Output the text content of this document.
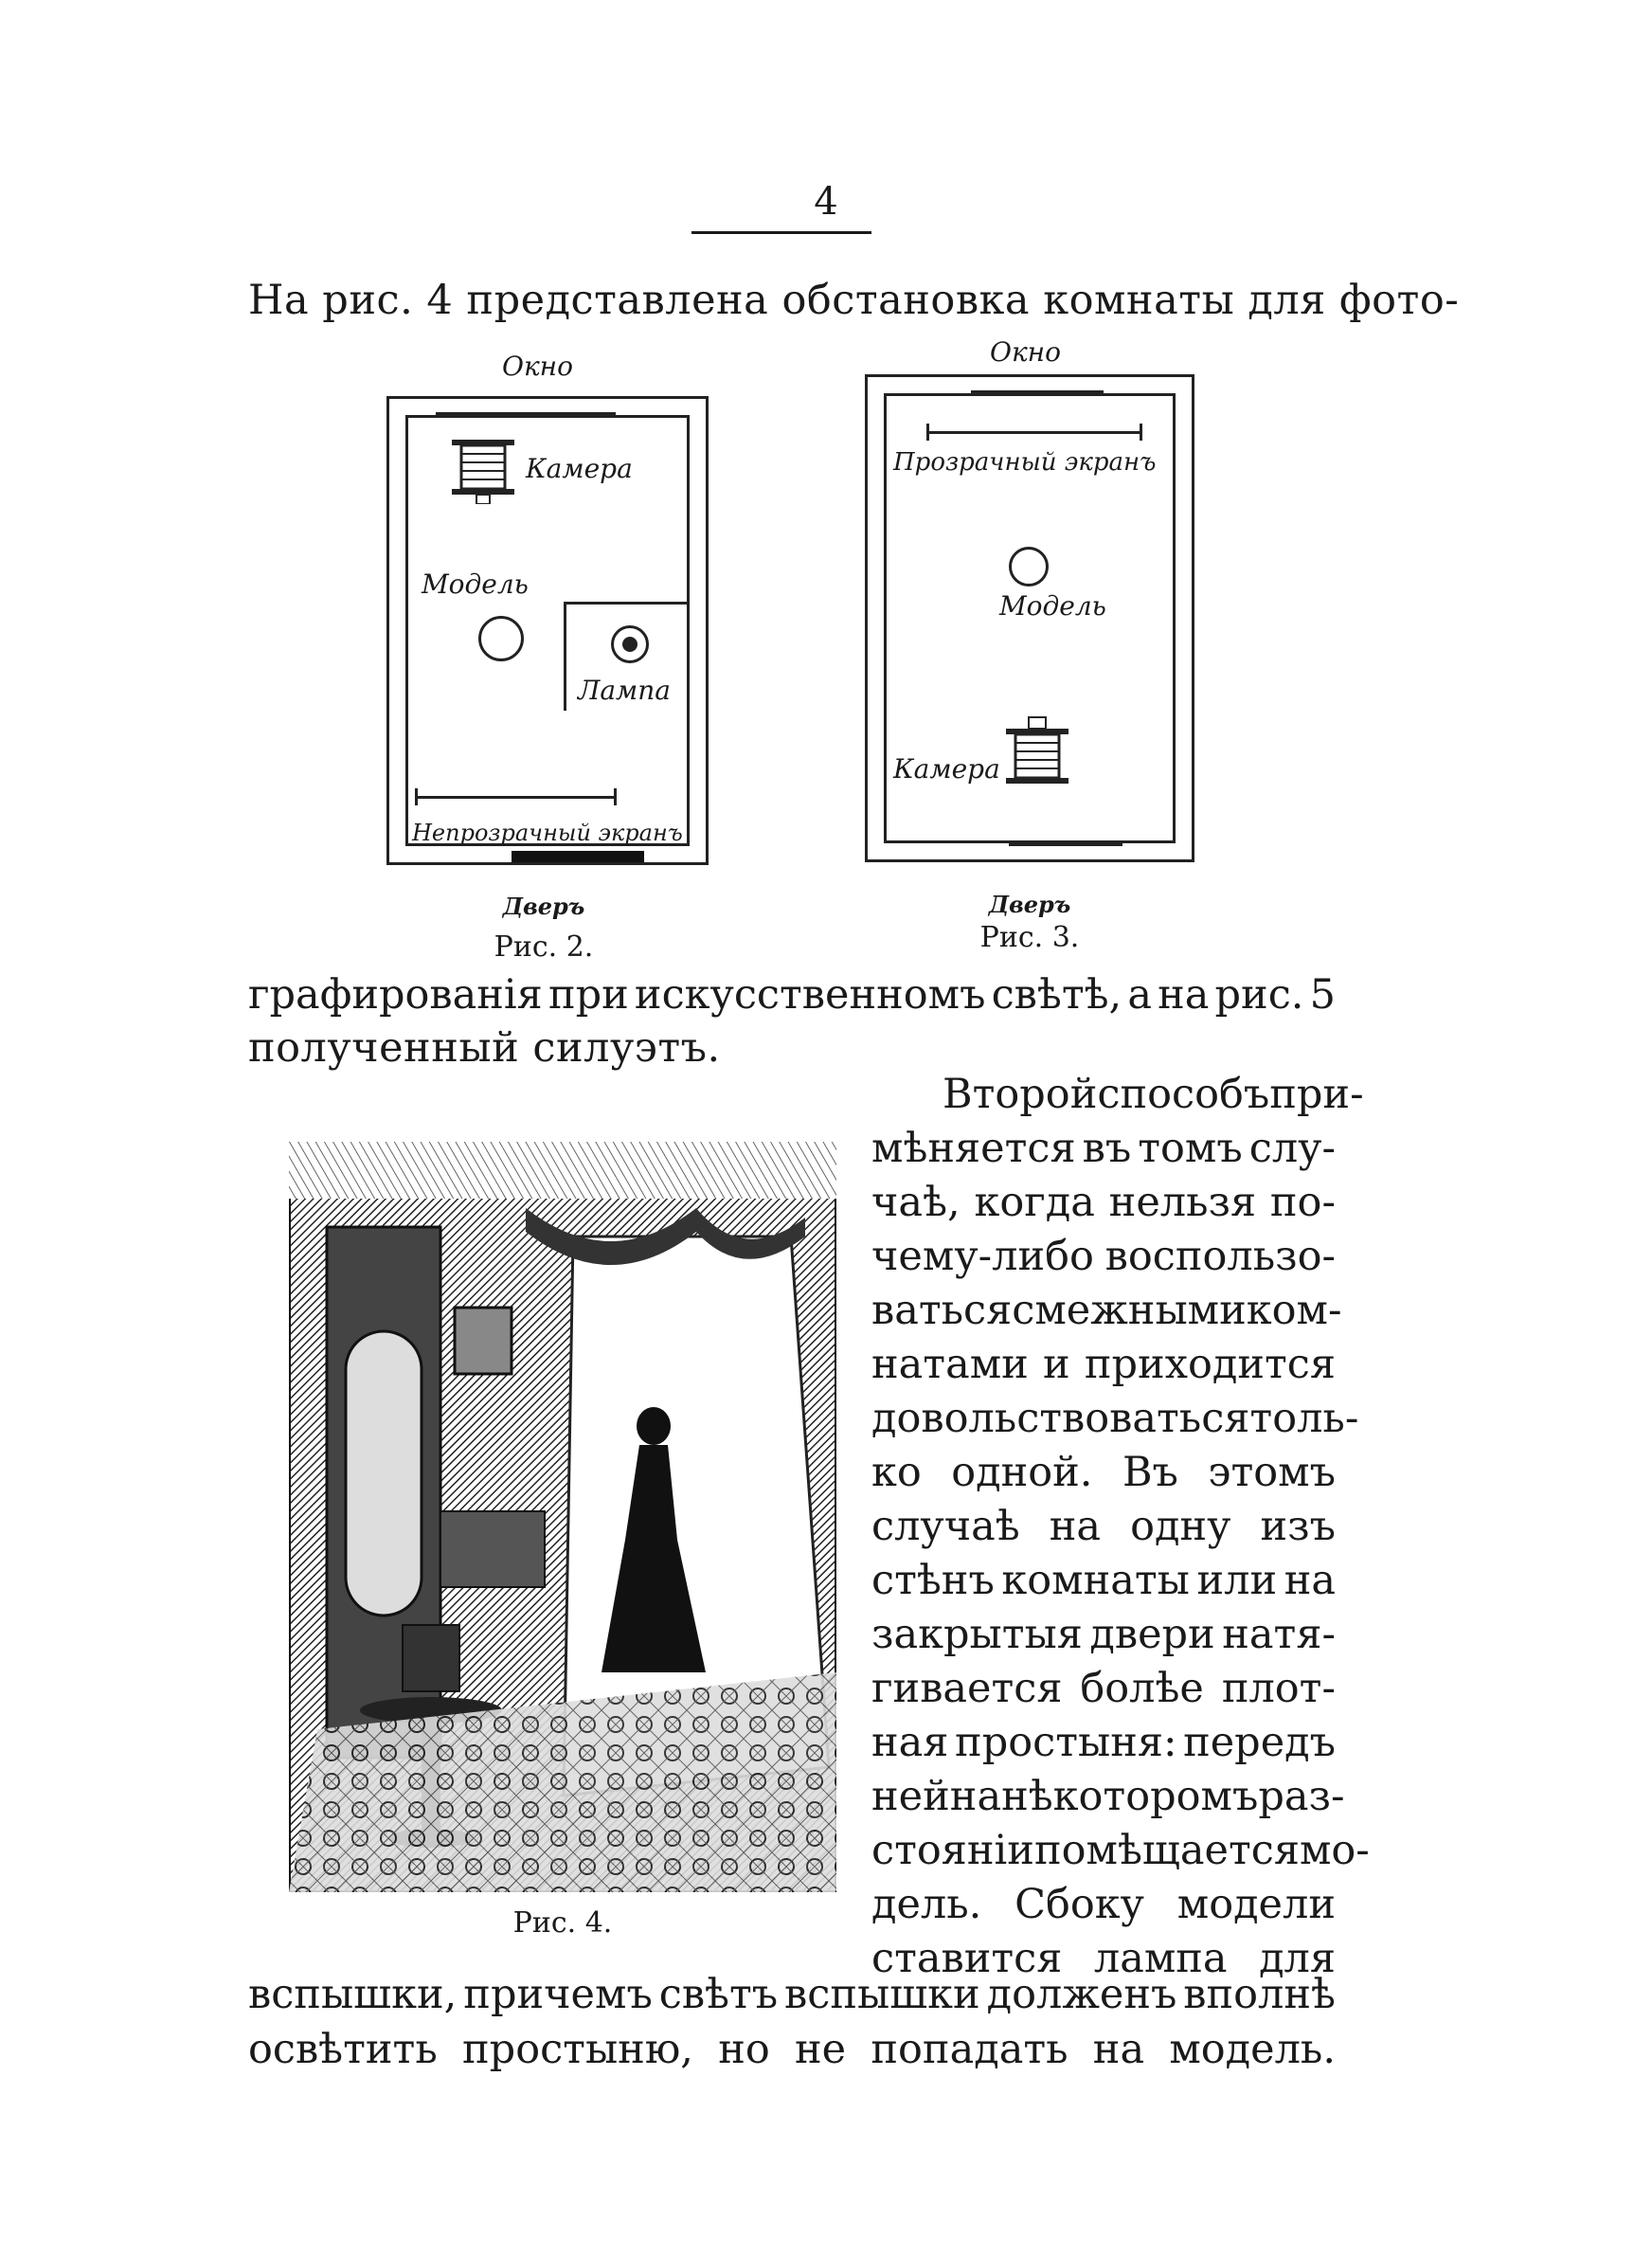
4
На рис. 4 представлена обстановка комнаты для фото-
Окно
Камера
Модель
Лампа
Непрозрачный экранъ
Дверъ
Рис. 2.
Окно
Прозрачный экранъ
Модель
Камера
Дверъ
Рис. 3.
графированія при искусственномъ свѣтѣ, а на рис. 5
полученный силуэтъ.
Рис. 4.
Второй способъ при-
мѣняется въ томъ слу-
чаѣ, когда нельзя по-
чему-либо воспользо-
ваться смежными ком-
натами и приходится
довольствоваться толь-
ко одной. Въ этомъ
случаѣ на одну изъ
стѣнъ комнаты или на
закрытыя двери натя-
гивается болѣе плот-
ная простыня: передъ
ней на нѣкоторомъ раз-
стояніи помѣщается мо-
дель. Сбоку модели
ставится лампа для
вспышки, причемъ свѣтъ вспышки долженъ вполнѣ
освѣтить простыню, но не попадать на модель.
